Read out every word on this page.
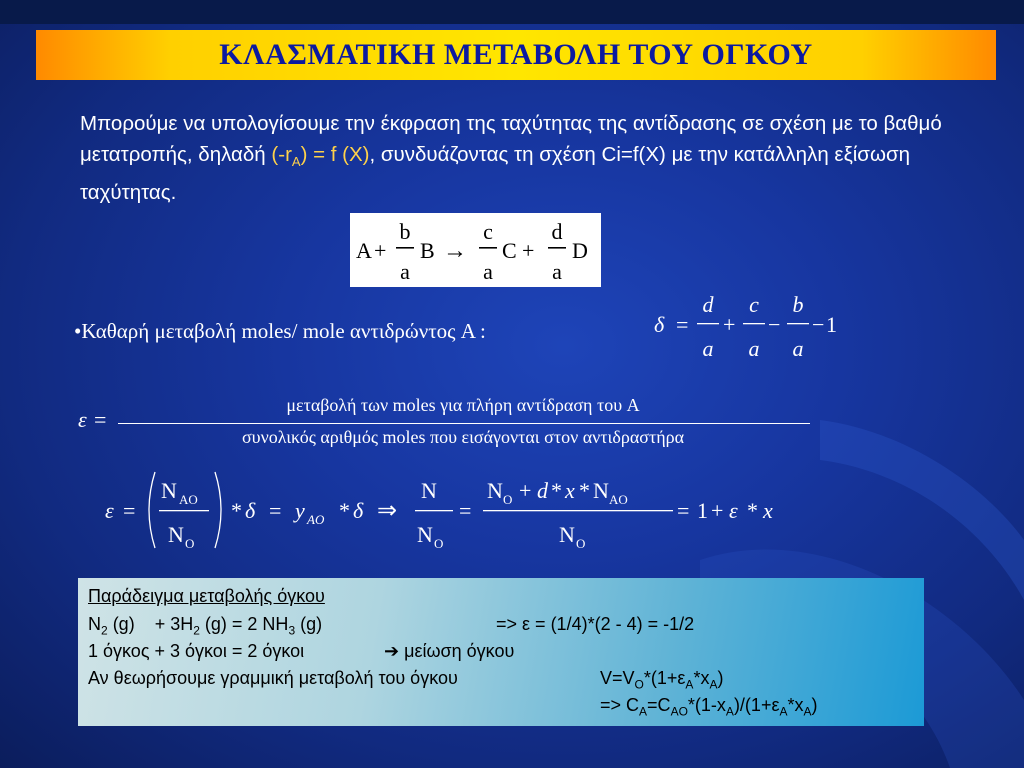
ΚΛΑΣΜΑΤΙΚΗ ΜΕΤΑΒΟΛΗ ΤΟΥ ΟΓΚΟΥ
Μπορούμε να υπολογίσουμε την έκφραση της ταχύτητας της αντίδρασης σε σχέση με το βαθμό μετατροπής, δηλαδή $(-r_A) = f$ (X), συνδυάζοντας τη σχέση Ci=f(X) με την κατάλληλη εξίσωση ταχύτητας.
A +
b
a
B →
c
a
C +
d
a
D
•Καθαρή μεταβολή moles/ mole αντιδρώντος A :	δ =
d
a
+
c
a
−
b
a
− 1
ε =
μεταβολή των moles για πλήρη αντίδραση του A
συνολικός αριθμός moles που εισάγονται στον αντιδραστήρα
ε =
N AO
N O
* δ = y AO * δ ⇒
N
N O
=
N O + d * x * N AO
N O
= 1 + ε * x
Παράδειγμα μεταβολής όγκου
$N_2$ (g)    + $3H_2$ (g) = 2 $NH_3$ (g)	=> ε = (1/4)*(2 - 4) = -1/2
1 όγκος + 3 όγκοι = 2 όγκοι	➔ μείωση όγκου
Αν θεωρήσουμε γραμμική μεταβολή του όγκου	$V=V_O*(1+\varepsilon_A*x_A)$
=> $C_A=C_{AO}*(1-x_A)/(1+\varepsilon_A*x_A)$
